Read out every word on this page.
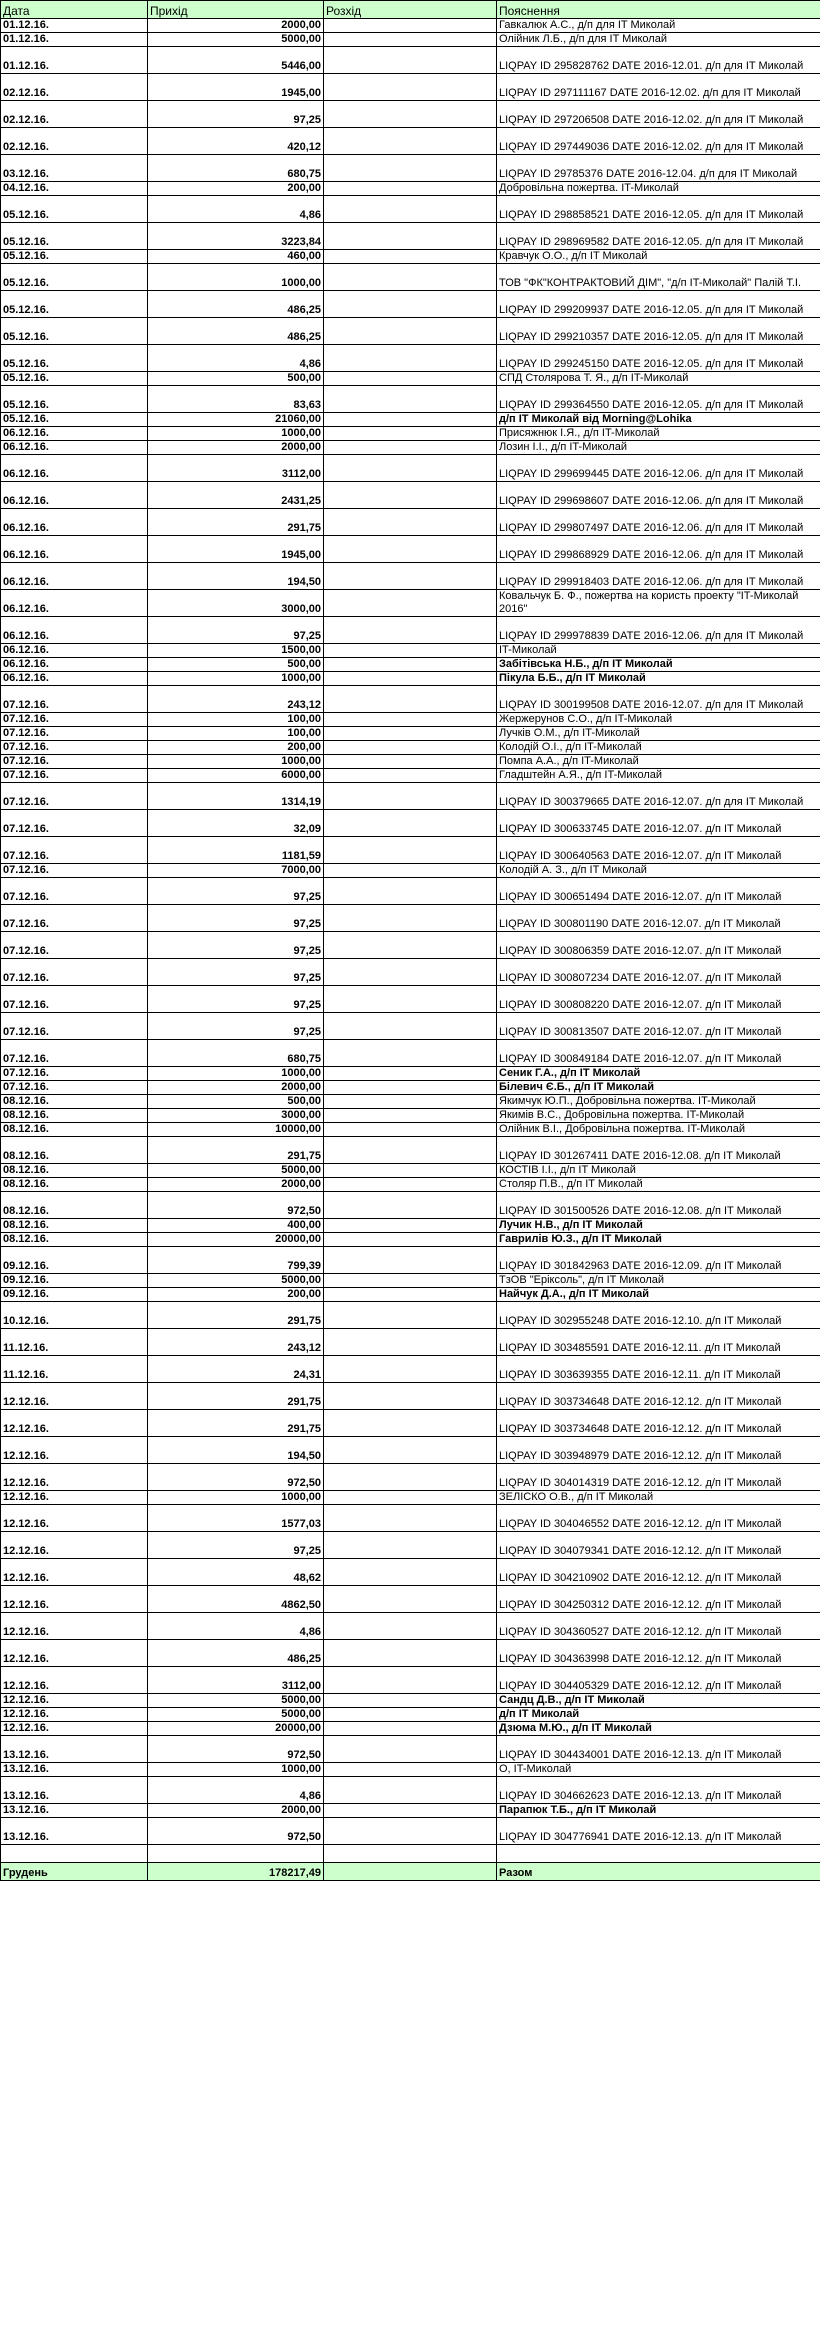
Дата	Прихід	Розхід	Пояснення
01.12.16.	2000,00		Гавкалюк А.С., д/п для IT Миколай
01.12.16.	5000,00		Олійник Л.Б., д/п для IT Миколай
01.12.16.	5446,00		LIQPAY ID 295828762 DATE 2016-12.01. д/п для IT Миколай
02.12.16.	1945,00		LIQPAY ID 297111167 DATE 2016-12.02. д/п для IT Миколай
02.12.16.	97,25		LIQPAY ID 297206508 DATE 2016-12.02. д/п для IT Миколай
02.12.16.	420,12		LIQPAY ID 297449036 DATE 2016-12.02. д/п для IT Миколай
03.12.16.	680,75		LIQPAY ID 29785376 DATE 2016-12.04. д/п для IT Миколай
04.12.16.	200,00		Добровільна пожертва. IT-Миколай
05.12.16.	4,86		LIQPAY ID 298858521 DATE 2016-12.05. д/п для IT Миколай
05.12.16.	3223,84		LIQPAY ID 298969582 DATE 2016-12.05. д/п для IT Миколай
05.12.16.	460,00		Кравчук О.О., д/п IT Миколай
05.12.16.	1000,00		ТОВ "ФК"КОНТРАКТОВИЙ ДІМ", "д/п IT-Миколай" Палій Т.І.
05.12.16.	486,25		LIQPAY ID 299209937 DATE 2016-12.05. д/п для IT Миколай
05.12.16.	486,25		LIQPAY ID 299210357 DATE 2016-12.05. д/п для IT Миколай
05.12.16.	4,86		LIQPAY ID 299245150 DATE 2016-12.05. д/п для IT Миколай
05.12.16.	500,00		СПД Столярова Т. Я., д/п IT-Миколай
05.12.16.	83,63		LIQPAY ID 299364550 DATE 2016-12.05. д/п для IT Миколай
05.12.16.	21060,00		д/п IT Миколай від Morning@Lohika
06.12.16.	1000,00		Присяжнюк І.Я., д/п IT-Миколай
06.12.16.	2000,00		Лозин І.І., д/п IT-Миколай
06.12.16.	3112,00		LIQPAY ID 299699445 DATE 2016-12.06. д/п для IT Миколай
06.12.16.	2431,25		LIQPAY ID 299698607 DATE 2016-12.06. д/п для IT Миколай
06.12.16.	291,75		LIQPAY ID 299807497 DATE 2016-12.06. д/п для IT Миколай
06.12.16.	1945,00		LIQPAY ID 299868929 DATE 2016-12.06. д/п для IT Миколай
06.12.16.	194,50		LIQPAY ID 299918403 DATE 2016-12.06. д/п для IT Миколай
06.12.16.	3000,00		Ковальчук Б. Ф., пожертва на користь проекту "IT-Миколай 2016"
06.12.16.	97,25		LIQPAY ID 299978839 DATE 2016-12.06. д/п для IT Миколай
06.12.16.	1500,00		IT-Миколай
06.12.16.	500,00		Забітівська Н.Б., д/п IT Миколай
06.12.16.	1000,00		Пікула Б.Б., д/п IT Миколай
07.12.16.	243,12		LIQPAY ID 300199508 DATE 2016-12.07. д/п для IT Миколай
07.12.16.	100,00		Жержерунов С.О., д/п IT-Миколай
07.12.16.	100,00		Лучків О.М., д/п IT-Миколай
07.12.16.	200,00		Колодій О.І., д/п IT-Миколай
07.12.16.	1000,00		Помпа А.А., д/п IT-Миколай
07.12.16.	6000,00		Гладштейн А.Я., д/п IT-Миколай
07.12.16.	1314,19		LIQPAY ID 300379665 DATE 2016-12.07. д/п для IT Миколай
07.12.16.	32,09		LIQPAY ID 300633745 DATE 2016-12.07. д/п IT Миколай
07.12.16.	1181,59		LIQPAY ID 300640563 DATE 2016-12.07. д/п IT Миколай
07.12.16.	7000,00		Колодій А. З., д/п IT Миколай
07.12.16.	97,25		LIQPAY ID 300651494 DATE 2016-12.07. д/п IT Миколай
07.12.16.	97,25		LIQPAY ID 300801190 DATE 2016-12.07. д/п IT Миколай
07.12.16.	97,25		LIQPAY ID 300806359 DATE 2016-12.07. д/п IT Миколай
07.12.16.	97,25		LIQPAY ID 300807234 DATE 2016-12.07. д/п IT Миколай
07.12.16.	97,25		LIQPAY ID 300808220 DATE 2016-12.07. д/п IT Миколай
07.12.16.	97,25		LIQPAY ID 300813507 DATE 2016-12.07. д/п IT Миколай
07.12.16.	680,75		LIQPAY ID 300849184 DATE 2016-12.07. д/п IT Миколай
07.12.16.	1000,00		Сеник Г.А., д/п IT Миколай
07.12.16.	2000,00		Білевич Є.Б., д/п IT Миколай
08.12.16.	500,00		Якимчук Ю.П., Добровільна пожертва. IT-Миколай
08.12.16.	3000,00		Якимів В.С., Добровільна пожертва. IT-Миколай
08.12.16.	10000,00		Олійник В.І., Добровільна пожертва. IT-Миколай
08.12.16.	291,75		LIQPAY ID 301267411 DATE 2016-12.08. д/п IT Миколай
08.12.16.	5000,00		КОСТІВ І.І., д/п IT Миколай
08.12.16.	2000,00		Столяр П.В., д/п IT Миколай
08.12.16.	972,50		LIQPAY ID 301500526 DATE 2016-12.08. д/п IT Миколай
08.12.16.	400,00		Лучик Н.В., д/п IT Миколай
08.12.16.	20000,00		Гаврилів Ю.З., д/п IT Миколай
09.12.16.	799,39		LIQPAY ID 301842963 DATE 2016-12.09. д/п IT Миколай
09.12.16.	5000,00		ТзОВ "Еріксоль", д/п IT Миколай
09.12.16.	200,00		Найчук Д.А., д/п IT Миколай
10.12.16.	291,75		LIQPAY ID 302955248 DATE 2016-12.10. д/п IT Миколай
11.12.16.	243,12		LIQPAY ID 303485591 DATE 2016-12.11. д/п IT Миколай
11.12.16.	24,31		LIQPAY ID 303639355 DATE 2016-12.11. д/п IT Миколай
12.12.16.	291,75		LIQPAY ID 303734648 DATE 2016-12.12. д/п IT Миколай
12.12.16.	291,75		LIQPAY ID 303734648 DATE 2016-12.12. д/п IT Миколай
12.12.16.	194,50		LIQPAY ID 303948979 DATE 2016-12.12. д/п IT Миколай
12.12.16.	972,50		LIQPAY ID 304014319 DATE 2016-12.12. д/п IT Миколай
12.12.16.	1000,00		ЗЕЛІСКО О.В., д/п IT Миколай
12.12.16.	1577,03		LIQPAY ID 304046552 DATE 2016-12.12. д/п IT Миколай
12.12.16.	97,25		LIQPAY ID 304079341 DATE 2016-12.12. д/п IT Миколай
12.12.16.	48,62		LIQPAY ID 304210902 DATE 2016-12.12. д/п IT Миколай
12.12.16.	4862,50		LIQPAY ID 304250312 DATE 2016-12.12. д/п IT Миколай
12.12.16.	4,86		LIQPAY ID 304360527 DATE 2016-12.12. д/п IT Миколай
12.12.16.	486,25		LIQPAY ID 304363998 DATE 2016-12.12. д/п IT Миколай
12.12.16.	3112,00		LIQPAY ID 304405329 DATE 2016-12.12. д/п IT Миколай
12.12.16.	5000,00		Сандц Д.В., д/п IT Миколай
12.12.16.	5000,00		д/п IT Миколай
12.12.16.	20000,00		Дзюма М.Ю., д/п IT Миколай
13.12.16.	972,50		LIQPAY ID 304434001 DATE 2016-12.13. д/п IT Миколай
13.12.16.	1000,00		О, IT-Миколай
13.12.16.	4,86		LIQPAY ID 304662623 DATE 2016-12.13. д/п IT Миколай
13.12.16.	2000,00		Парапюк Т.Б., д/п IT Миколай
13.12.16.	972,50		LIQPAY ID 304776941 DATE 2016-12.13. д/п IT Миколай

Грудень	178217,49		Разом
